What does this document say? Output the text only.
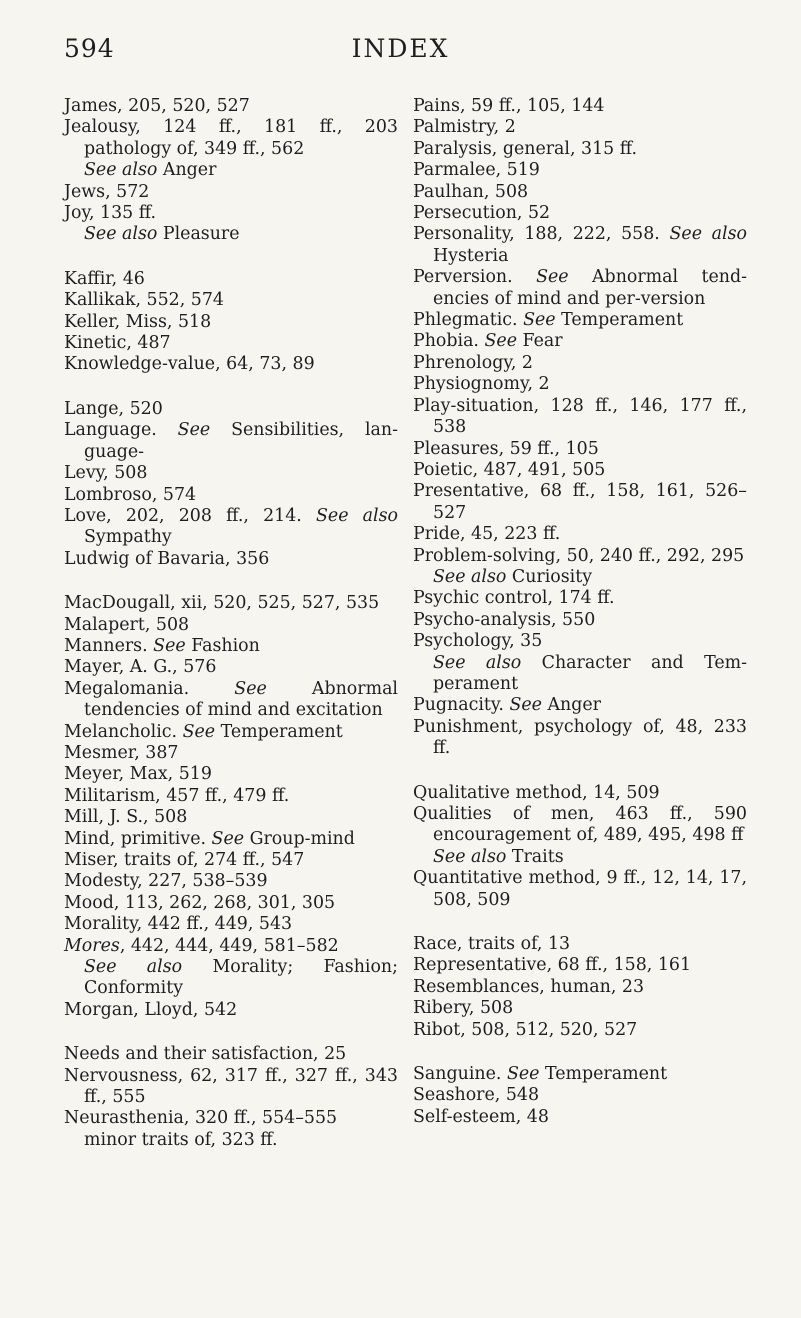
594	INDEX
James, 205, 520, 527
Jealousy, 124 ff., 181 ff., 203 pathology of, 349 ff., 562
See also Anger
Jews, 572
Joy, 135 ff.
See also Pleasure
Kaffir, 46
Kallikak, 552, 574
Keller, Miss, 518
Kinetic, 487
Knowledge-value, 64, 73, 89
Lange, 520
Language. See Sensibilities, lan-guage-
Levy, 508
Lombroso, 574
Love, 202, 208 ff., 214. See also Sympathy
Ludwig of Bavaria, 356
MacDougall, xii, 520, 525, 527, 535
Malapert, 508
Manners. See Fashion
Mayer, A. G., 576
Megalomania. See Abnormal tendencies of mind and excitation
Melancholic. See Temperament
Mesmer, 387
Meyer, Max, 519
Militarism, 457 ff., 479 ff.
Mill, J. S., 508
Mind, primitive. See Group-mind
Miser, traits of, 274 ff., 547
Modesty, 227, 538–539
Mood, 113, 262, 268, 301, 305
Morality, 442 ff., 449, 543
Mores, 442, 444, 449, 581–582
See also Morality; Fashion; Conformity
Morgan, Lloyd, 542
Needs and their satisfaction, 25
Nervousness, 62, 317 ff., 327 ff., 343 ff., 555
Neurasthenia, 320 ff., 554–555
minor traits of, 323 ff.
Pains, 59 ff., 105, 144
Palmistry, 2
Paralysis, general, 315 ff.
Parmalee, 519
Paulhan, 508
Persecution, 52
Personality, 188, 222, 558. See also Hysteria
Perversion. See Abnormal tend-encies of mind and per-version
Phlegmatic. See Temperament
Phobia. See Fear
Phrenology, 2
Physiognomy, 2
Play-situation, 128 ff., 146, 177 ff., 538
Pleasures, 59 ff., 105
Poietic, 487, 491, 505
Presentative, 68 ff., 158, 161, 526–527
Pride, 45, 223 ff.
Problem-solving, 50, 240 ff., 292, 295
See also Curiosity
Psychic control, 174 ff.
Psycho-analysis, 550
Psychology, 35
See also Character and Tem-perament
Pugnacity. See Anger
Punishment, psychology of, 48, 233 ff.
Qualitative method, 14, 509
Qualities of men, 463 ff., 590 encouragement of, 489, 495, 498 ff
See also Traits
Quantitative method, 9 ff., 12, 14, 17, 508, 509
Race, traits of, 13
Representative, 68 ff., 158, 161
Resemblances, human, 23
Ribery, 508
Ribot, 508, 512, 520, 527
Sanguine. See Temperament
Seashore, 548
Self-esteem, 48
